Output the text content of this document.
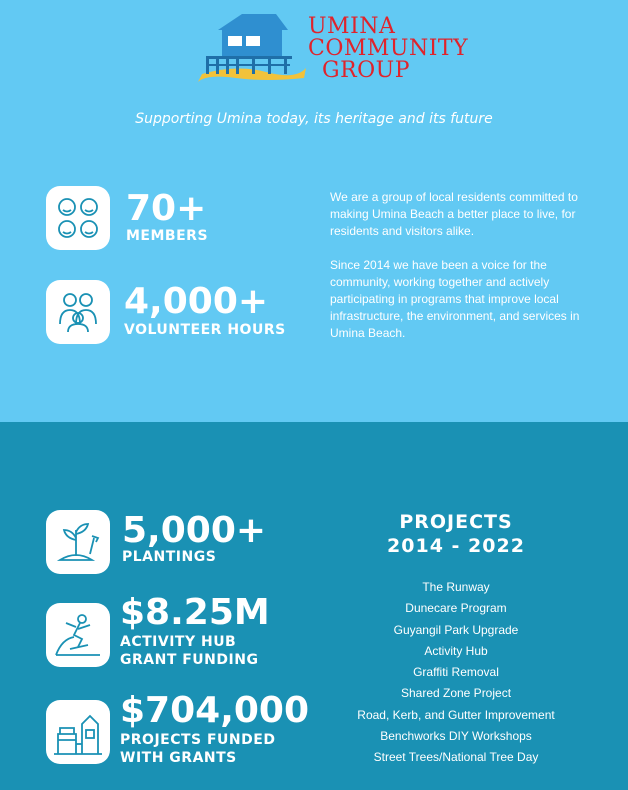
UMINA
COMMUNITY
GROUP
Supporting Umina today, its heritage and its future
70+
MEMBERS
4,000+
VOLUNTEER HOURS
We are a group of local residents committed to making Umina Beach a better place to live, for residents and visitors alike.
Since 2014 we have been a voice for the community, working together and actively participating in programs that improve local infrastructure, the environment, and services in Umina Beach.
5,000+
PLANTINGS
$8.25M
ACTIVITY HUB
GRANT FUNDING
$704,000
PROJECTS FUNDED
WITH GRANTS
PROJECTS
2014 - 2022
The Runway
Dunecare Program
Guyangil Park Upgrade
Activity Hub
Graffiti Removal
Shared Zone Project
Road, Kerb, and Gutter Improvement
Benchworks DIY Workshops
Street Trees/National Tree Day
